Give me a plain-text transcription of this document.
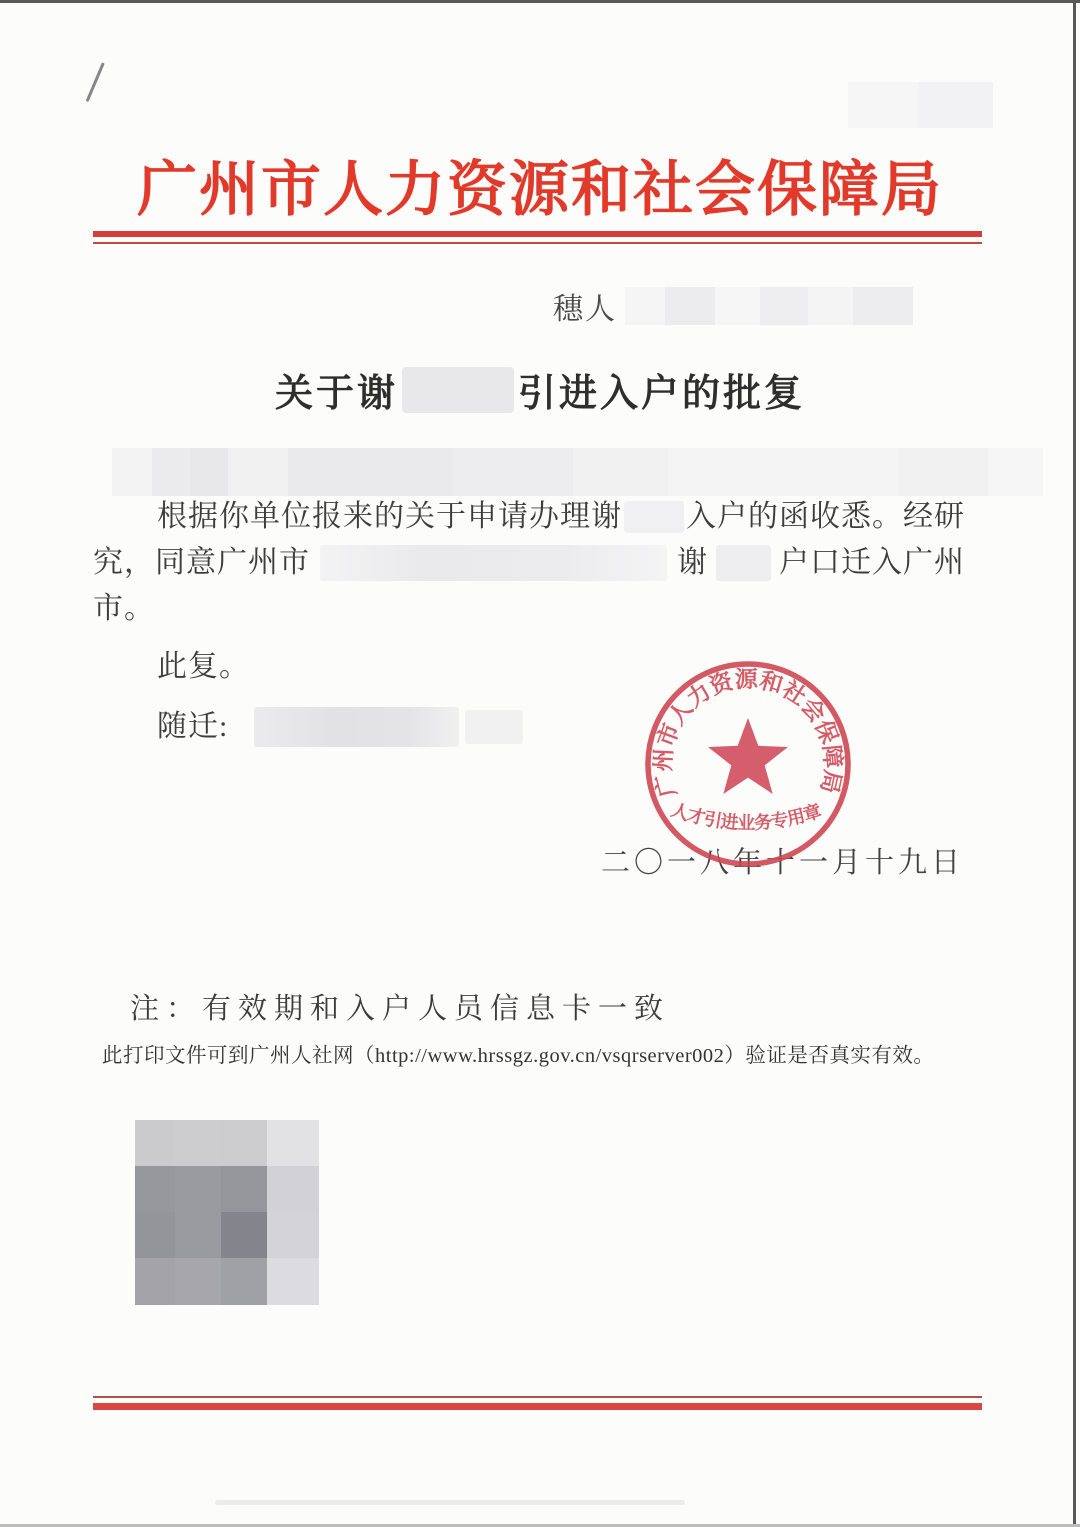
广州市人力资源和社会保障局
穗人
关于谢	引进入户的批复
根据你单位报来的关于申请办理谢 入户的函收悉。经研
究，同意广州市	谢 户口迁入广州
市。
此复。
随迁:
二〇一八年十一月十九日
广州市人力资源和社会保障局
人才引进业务专用章
注：有效期和入户人员信息卡一致
此打印文件可到广州人社网（http://www.hrssgz.gov.cn/vsqrserver002）验证是否真实有效。
